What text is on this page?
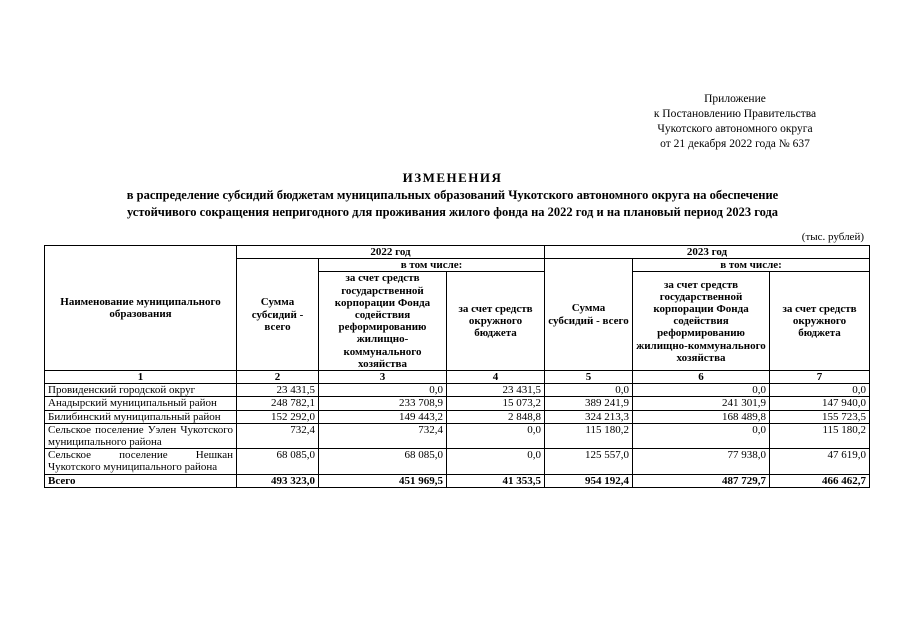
Приложение
к Постановлению Правительства
Чукотского автономного округа
от 21 декабря 2022 года № 637
ИЗМЕНЕНИЯ
в распределение субсидий бюджетам муниципальных образований Чукотского автономного округа на обеспечение
устойчивого сокращения непригодного для проживания жилого фонда на 2022 год и на плановый период 2023 года
(тыс. рублей)
Наименование муниципального образования	2022 год			2023 год		
	Сумма субсидий - всего	в том числе:		Сумма субсидий - всего	в том числе:	
		за счет средств государственной корпорации Фонда содействия реформированию жилищно-коммунального хозяйства	за счет средств окружного бюджета		за счет средств государственной корпорации Фонда содействия реформированию жилищно-коммунального хозяйства	за счет средств окружного бюджета
1	2	3	4	5	6	7
Провиденский городской округ	23 431,5	0,0	23 431,5	0,0	0,0	0,0
Анадырский муниципальный район	248 782,1	233 708,9	15 073,2	389 241,9	241 301,9	147 940,0
Билибинский муниципальный район	152 292,0	149 443,2	2 848,8	324 213,3	168 489,8	155 723,5
Сельское поселение Уэлен Чукотского муниципального района	732,4	732,4	0,0	115 180,2	0,0	115 180,2
Сельское поселение Нешкан Чукотского муниципального района	68 085,0	68 085,0	0,0	125 557,0	77 938,0	47 619,0
Всего	493 323,0	451 969,5	41 353,5	954 192,4	487 729,7	466 462,7
